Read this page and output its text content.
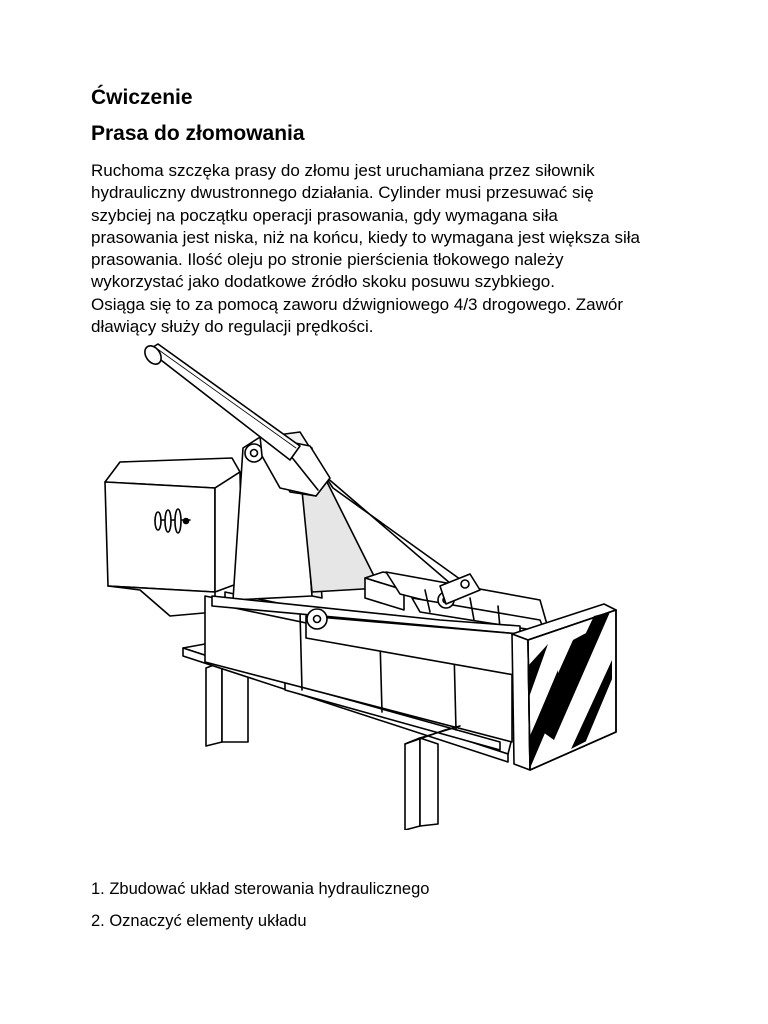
Ćwiczenie
Prasa do złomowania

Ruchoma szczęka prasy do złomu jest uruchamiana przez siłownik
hydrauliczny dwustronnego działania. Cylinder musi przesuwać się
szybciej na początku operacji prasowania, gdy wymagana siła
prasowania jest niska, niż na końcu, kiedy to wymagana jest większa siła
prasowania. Ilość oleju po stronie pierścienia tłokowego należy
wykorzystać jako dodatkowe źródło skoku posuwu szybkiego.
Osiąga się to za pomocą zaworu dźwigniowego 4/3 drogowego. Zawór
dławiący służy do regulacji prędkości.

1. Zbudować układ sterowania hydraulicznego

2. Oznaczyć elementy układu
